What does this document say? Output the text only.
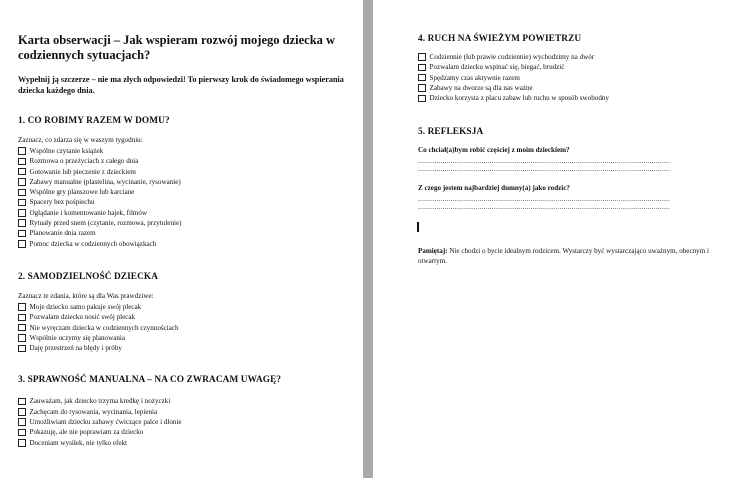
Karta obserwacji – Jak wspieram rozwój mojego dziecka w codziennych sytuacjach?

Wypełnij ją szczerze – nie ma złych odpowiedzi! To pierwszy krok do świadomego wspierania dziecka każdego dnia.

1. CO ROBIMY RAZEM W DOMU?

Zaznacz, co zdarza się w waszym tygodniu:

Wspólne czytanie książek
Rozmowa o przeżyciach z całego dnia
Gotowanie lub pieczenie z dzieckiem
Zabawy manualne (plastelina, wycinanie, rysowanie)
Wspólne gry planszowe lub karciane
Spacery bez pośpiechu
Oglądanie i komentowanie bajek, filmów
Rytuały przed snem (czytanie, rozmowa, przytulenie)
Planowanie dnia razem
Pomoc dziecka w codziennych obowiązkach
2. SAMODZIELNOŚĆ DZIECKA

Zaznacz te zdania, które są dla Was prawdziwe:

Moje dziecko samo pakuje swój plecak
Pozwalam dziecku nosić swój plecak
Nie wyręczam dziecka w codziennych czynnościach
Wspólnie uczymy się planowania
Daję przestrzeń na błędy i próby
3. SPRAWNOŚĆ MANUALNA – NA CO ZWRACAM UWAGĘ?
Zauważam, jak dziecko trzyma kredkę i nożyczki
Zachęcam do rysowania, wycinania, lepienia
Umożliwiam dziecku zabawy ćwiczące palce i dłonie
Pokazuję, ale nie poprawiam za dziecko
Doceniam wysiłek, nie tylko efekt
4. RUCH NA ŚWIEŻYM POWIETRZU
Codziennie (lub prawie codziennie) wychodzimy na dwór
Pozwalam dziecku wspinać się, biegać, brudzić
Spędzamy czas aktywnie razem
Zabawy na dworze są dla nas ważne
Dziecko korzysta z placu zabaw lub ruchu w sposób swobodny
5. REFLEKSJA

Co chciał(a)bym robić częściej z moim dzieckiem?

...........................................................................................................................
...........................................................................................................................

Z czego jestem najbardziej dumny(a) jako rodzic?

...........................................................................................................................
...........................................................................................................................

Pamiętaj: Nie chodzi o bycie idealnym rodzicem. Wystarczy być wystarczająco uważnym, obecnym i otwartym.
